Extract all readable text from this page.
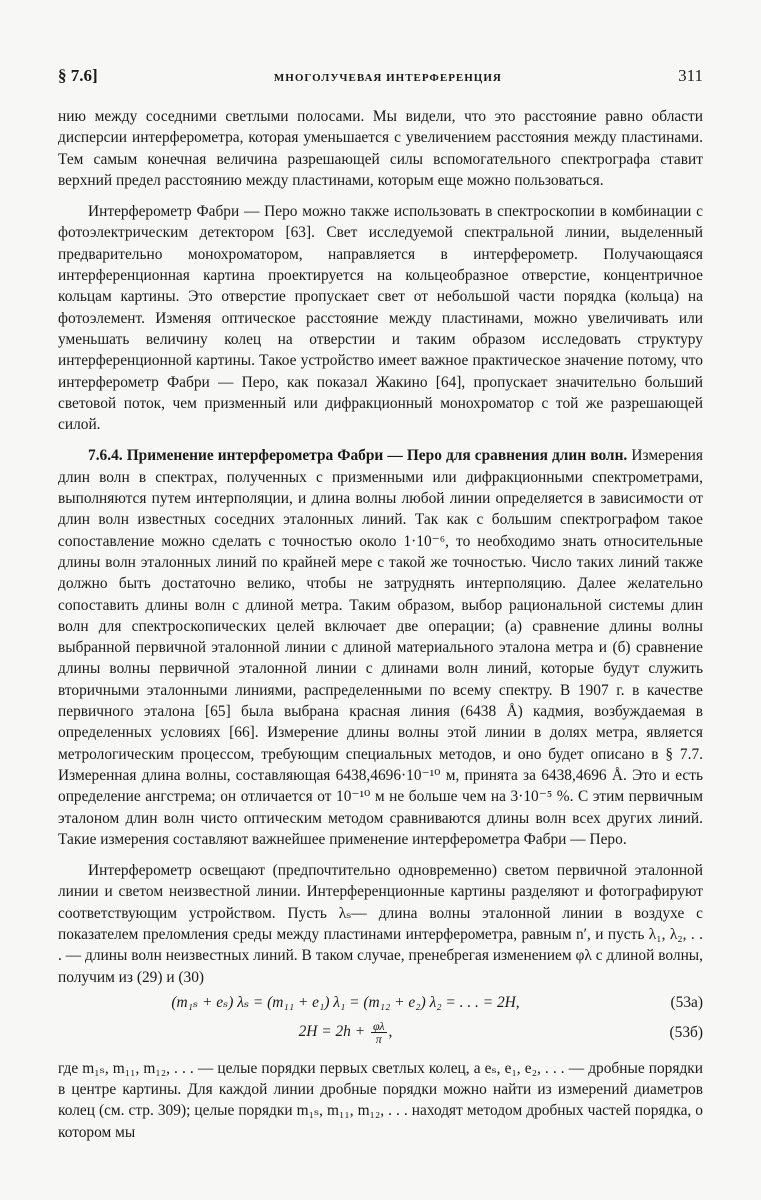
§ 7.6]	МНОГОЛУЧЕВАЯ ИНТЕРФЕРЕНЦИЯ	311

нию между соседними светлыми полосами. Мы видели, что это расстояние равно области дисперсии интерферометра, которая уменьшается с увеличением расстояния между пластинами. Тем самым конечная величина разрешающей силы вспомогательного спектрографа ставит верхний предел расстоянию между пластинами, которым еще можно пользоваться.

Интерферометр Фабри — Перо можно также использовать в спектроскопии в комбинации с фотоэлектрическим детектором [63]. Свет исследуемой спектральной линии, выделенный предварительно монохроматором, направляется в интерферометр. Получающаяся интерференционная картина проектируется на кольцеобразное отверстие, концентричное кольцам картины. Это отверстие пропускает свет от небольшой части порядка (кольца) на фотоэлемент. Изменяя оптическое расстояние между пластинами, можно увеличивать или уменьшать величину колец на отверстии и таким образом исследовать структуру интерференционной картины. Такое устройство имеет важное практическое значение потому, что интерферометр Фабри — Перо, как показал Жакино [64], пропускает значительно больший световой поток, чем призменный или дифракционный монохроматор с той же разрешающей силой.

7.6.4. Применение интерферометра Фабри — Перо для сравнения длин волн. Измерения длин волн в спектрах, полученных с призменными или дифракционными спектрометрами, выполняются путем интерполяции, и длина волны любой линии определяется в зависимости от длин волн известных соседних эталонных линий. Так как с большим спектрографом такое сопоставление можно сделать с точностью около 1·10⁻⁶, то необходимо знать относительные длины волн эталонных линий по крайней мере с такой же точностью. Число таких линий также должно быть достаточно велико, чтобы не затруднять интерполяцию. Далее желательно сопоставить длины волн с длиной метра. Таким образом, выбор рациональной системы длин волн для спектроскопических целей включает две операции; (а) сравнение длины волны выбранной первичной эталонной линии с длиной материального эталона метра и (б) сравнение длины волны первичной эталонной линии с длинами волн линий, которые будут служить вторичными эталонными линиями, распределенными по всему спектру. В 1907 г. в качестве первичного эталона [65] была выбрана красная линия (6438 Å) кадмия, возбуждаемая в определенных условиях [66]. Измерение длины волны этой линии в долях метра, является метрологическим процессом, требующим специальных методов, и оно будет описано в § 7.7. Измеренная длина волны, составляющая 6438,4696·10⁻¹⁰ м, принята за 6438,4696 Å. Это и есть определение ангстрема; он отличается от 10⁻¹⁰ м не больше чем на 3·10⁻⁵ %. С этим первичным эталоном длин волн чисто оптическим методом сравниваются длины волн всех других линий. Такие измерения составляют важнейшее применение интерферометра Фабри — Перо.

Интерферометр освещают (предпочтительно одновременно) светом первичной эталонной линии и светом неизвестной линии. Интерференционные картины разделяют и фотографируют соответствующим устройством. Пусть λₛ— длина волны эталонной линии в воздухе с показателем преломления среды между пластинами интерферометра, равным n′, и пусть λ₁, λ₂, . . . — длины волн неизвестных линий. В таком случае, пренебрегая изменением φλ с длиной волны, получим из (29) и (30)

(m₁ₛ + eₛ) λₛ = (m₁₁ + e₁) λ₁ = (m₁₂ + e₂) λ₂ = . . . = 2H,	(53а)
$2H = 2h + \frac{\varphi\lambda}{\pi}$ ,	(53б)

где m₁ₛ, m₁₁, m₁₂, . . . — целые порядки первых светлых колец, а eₛ, e₁, e₂, . . . — дробные порядки в центре картины. Для каждой линии дробные порядки можно найти из измерений диаметров колец (см. стр. 309); целые порядки m₁ₛ, m₁₁, m₁₂, . . . находят методом дробных частей порядка, о котором мы
